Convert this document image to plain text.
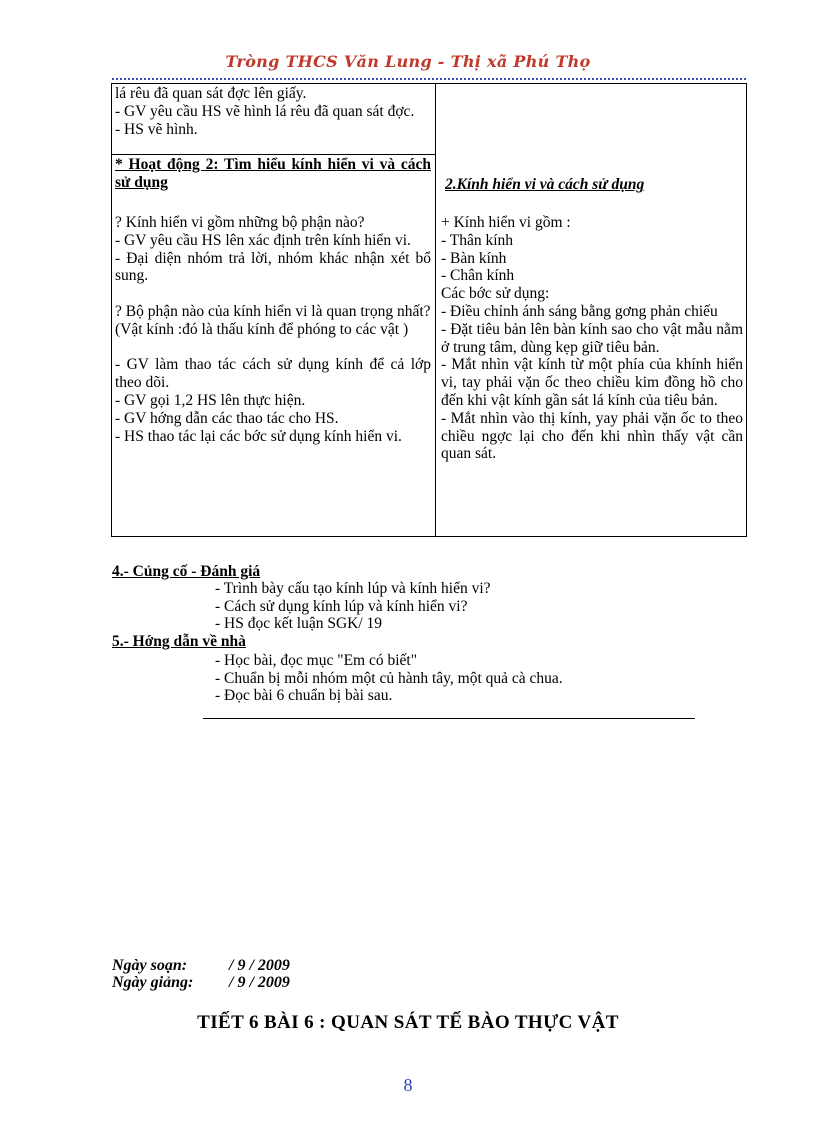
Tròng THCS Văn Lung - Thị xã Phú Thọ

lá rêu đã quan sát đợc lên giấy.

- GV yêu cầu HS vẽ hình lá rêu đã quan sát đợc.

- HS vẽ hình.

* Hoạt động 2: Tìm hiểu kính hiển vi và cách sử dụng	2.Kính hiển vi và cách sử dụng

? Kính hiển vi gồm những bộ phận nào?

- GV yêu cầu HS lên xác định trên kính hiển vi.

- Đại diện nhóm trả lời, nhóm khác nhận xét bổ sung.

? Bộ phận nào của kính hiển vi là quan trọng nhất?

(Vật kính :đó là thấu kính để phóng to các vật )

- GV làm thao tác cách sử dụng kính để cả lớp theo dõi.

- GV gọi 1,2 HS lên thực hiện.

- GV hớng dẫn các thao tác cho HS.

- HS thao tác lại các bớc sử dụng kính hiển vi.

+ Kính hiển vi gồm :

- Thân kính

- Bàn kính

- Chân kính

Các bớc sử dụng:

- Điều chỉnh ánh sáng bằng gơng phản chiếu

- Đặt tiêu bản lên bàn kính sao cho vật mẫu nằm ở trung tâm, dùng kẹp giữ tiêu bản.

- Mắt nhìn vật kính từ một phía của khính hiển vi, tay phải vặn ốc theo chiều kim đồng hồ cho đến khi vật kính gần sát lá kính của tiêu bản.

- Mắt nhìn vào thị kính, yay phải vặn ốc to theo chiều ngợc lại cho đến khi nhìn thấy vật cần quan sát.

4.- Củng cố - Đánh giá
- Trình bày cấu tạo kính lúp và kính hiển vi?
- Cách sử dụng kính lúp và kính hiển vi?
- HS đọc kết luận SGK/ 19
5.- Hớng dẫn về nhà
- Học bài, đọc mục "Em có biết"
- Chuẩn bị mỗi nhóm một củ hành tây, một quả cà chua.
- Đọc bài 6 chuẩn bị bài sau.
Ngày soạn:	/ 9 / 2009
Ngày giảng: / 9 / 2009
TIẾT 6 BÀI 6 : QUAN SÁT TẾ BÀO THỰC VẬT
8
